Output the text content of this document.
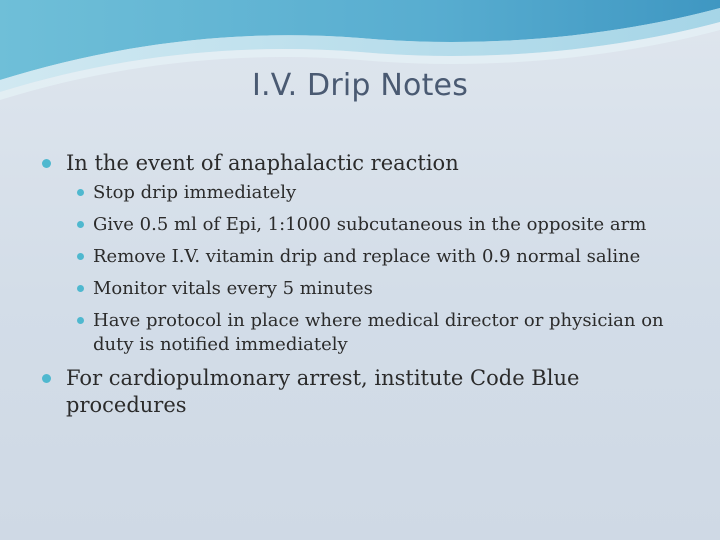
I.V. Drip Notes
In the event of anaphalactic reaction
Stop drip immediately
Give 0.5 ml of Epi, 1:1000 subcutaneous in the opposite arm
Remove I.V. vitamin drip and replace with 0.9 normal saline
Monitor vitals every 5 minutes
Have protocol in place where medical director or physician on duty is notified immediately
For cardiopulmonary arrest, institute Code Blue procedures
